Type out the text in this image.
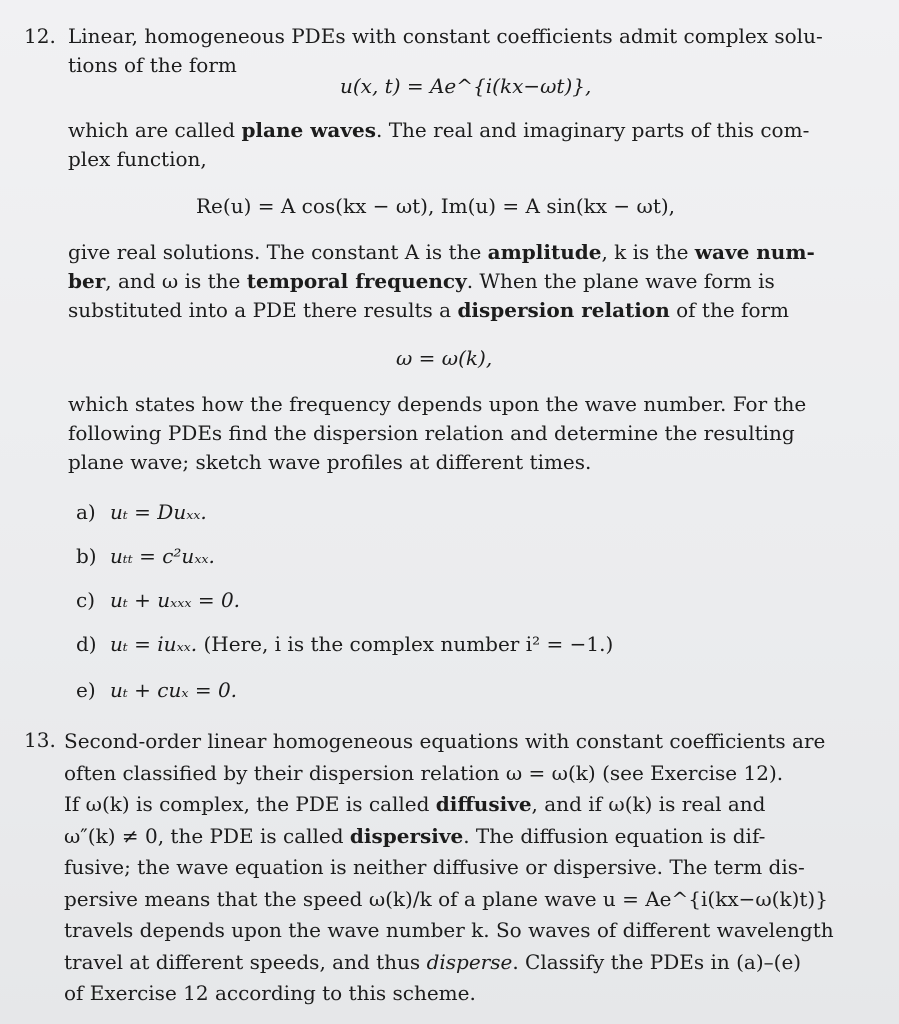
12. Linear, homogeneous PDEs with constant coefficients admit complex solu-
tions of the form
u(x, t) = Ae^{i(kx−ωt)},
which are called plane waves. The real and imaginary parts of this com-
plex function,
Re(u) = A cos(kx − ωt), Im(u) = A sin(kx − ωt),
give real solutions. The constant A is the amplitude, k is the wave num-
ber, and ω is the temporal frequency. When the plane wave form is
substituted into a PDE there results a dispersion relation of the form
ω = ω(k),
which states how the frequency depends upon the wave number. For the
following PDEs find the dispersion relation and determine the resulting
plane wave; sketch wave profiles at different times.
a) uₜ = Duₓₓ.
b) uₜₜ = c²uₓₓ.
c) uₜ + uₓₓₓ = 0.
d) uₜ = iuₓₓ. (Here, i is the complex number i² = −1.)
e) uₜ + cuₓ = 0.
13. Second-order linear homogeneous equations with constant coefficients are
often classified by their dispersion relation ω = ω(k) (see Exercise 12).
If ω(k) is complex, the PDE is called diffusive, and if ω(k) is real and
ω″(k) ≠ 0, the PDE is called dispersive. The diffusion equation is dif-
fusive; the wave equation is neither diffusive or dispersive. The term dis-
persive means that the speed ω(k)/k of a plane wave u = Ae^{i(kx−ω(k)t)}
travels depends upon the wave number k. So waves of different wavelength
travel at different speeds, and thus disperse. Classify the PDEs in (a)–(e)
of Exercise 12 according to this scheme.
